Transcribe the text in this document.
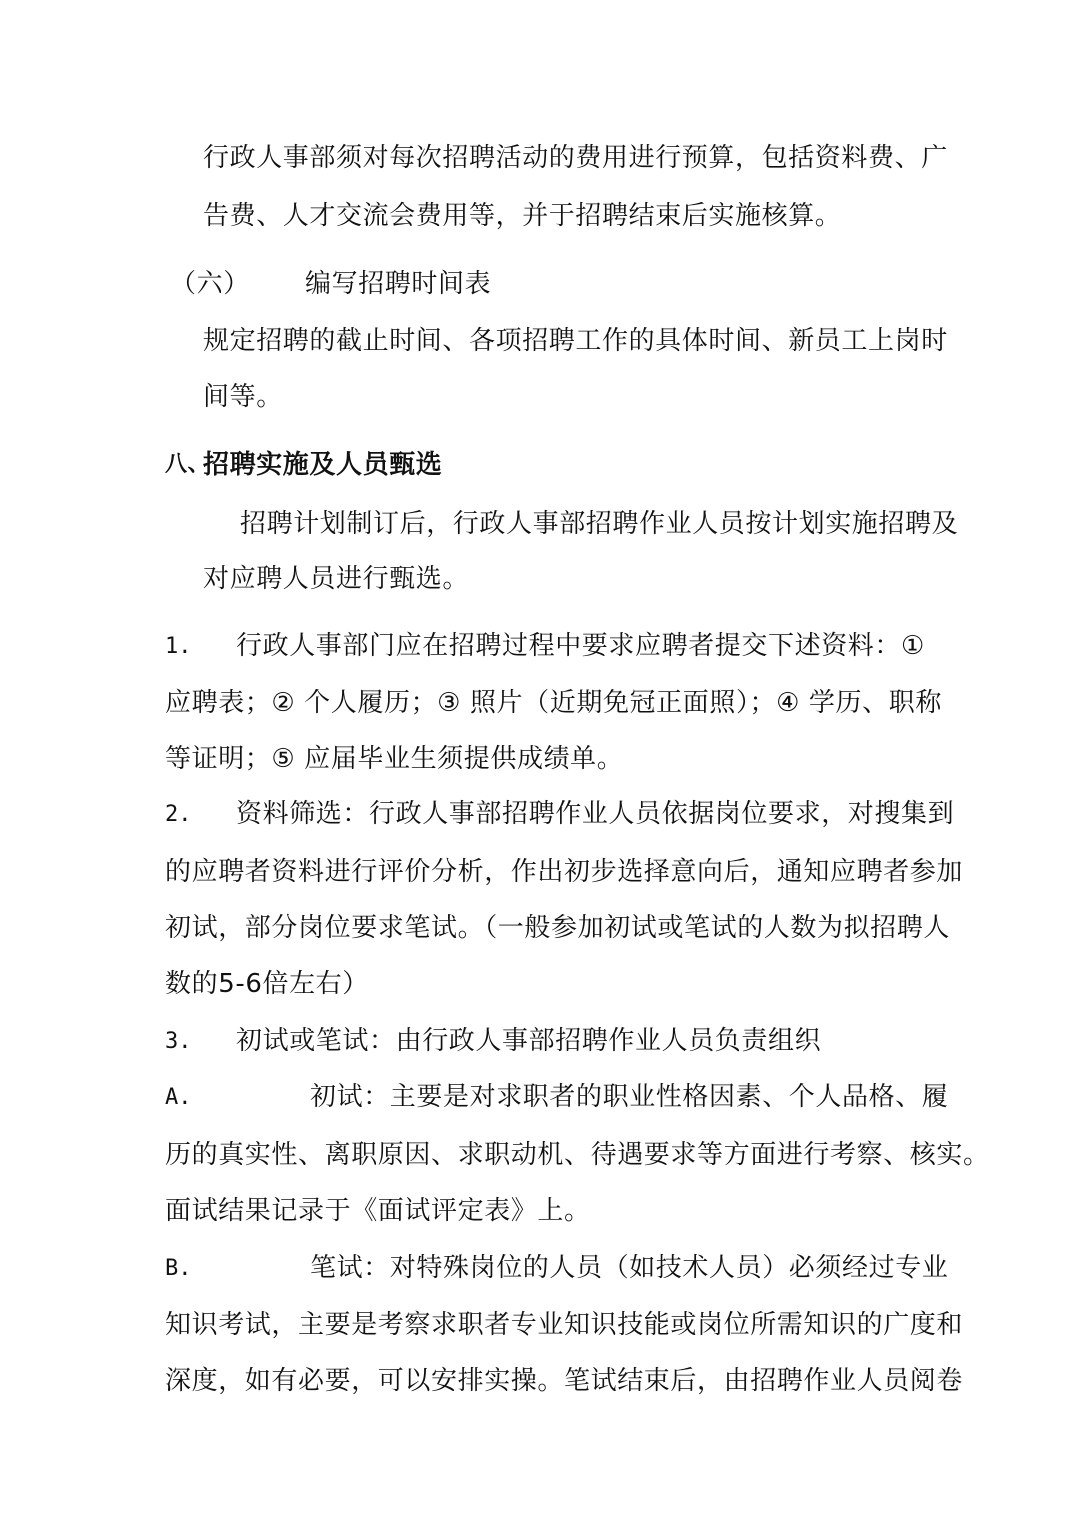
行政人事部须对每次招聘活动的费用进行预算，包括资料费、广
告费、人才交流会费用等，并于招聘结束后实施核算。
（六） 编写招聘时间表
规定招聘的截止时间、各项招聘工作的具体时间、新员工上岗时
间等。
八、
招聘实施及人员甄选
招聘计划制订后，行政人事部招聘作业人员按计划实施招聘及
对应聘人员进行甄选。
1. 行政人事部门应在招聘过程中要求应聘者提交下述资料：①
应聘表；② 个人履历；③ 照片（近期免冠正面照）；④ 学历、职称
等证明；⑤ 应届毕业生须提供成绩单。
2. 资料筛选：行政人事部招聘作业人员依据岗位要求，对搜集到
的应聘者资料进行评价分析，作出初步选择意向后，通知应聘者参加
初试，部分岗位要求笔试。（一般参加初试或笔试的人数为拟招聘人
数的5-6倍左右）
3. 初试或笔试：由行政人事部招聘作业人员负责组织
A.	初试：主要是对求职者的职业性格因素、个人品格、履
历的真实性、离职原因、求职动机、待遇要求等方面进行考察、核实。
面试结果记录于《面试评定表》上。
B.	笔试：对特殊岗位的人员（如技术人员）必须经过专业
知识考试，主要是考察求职者专业知识技能或岗位所需知识的广度和
深度，如有必要，可以安排实操。笔试结束后，由招聘作业人员阅卷
